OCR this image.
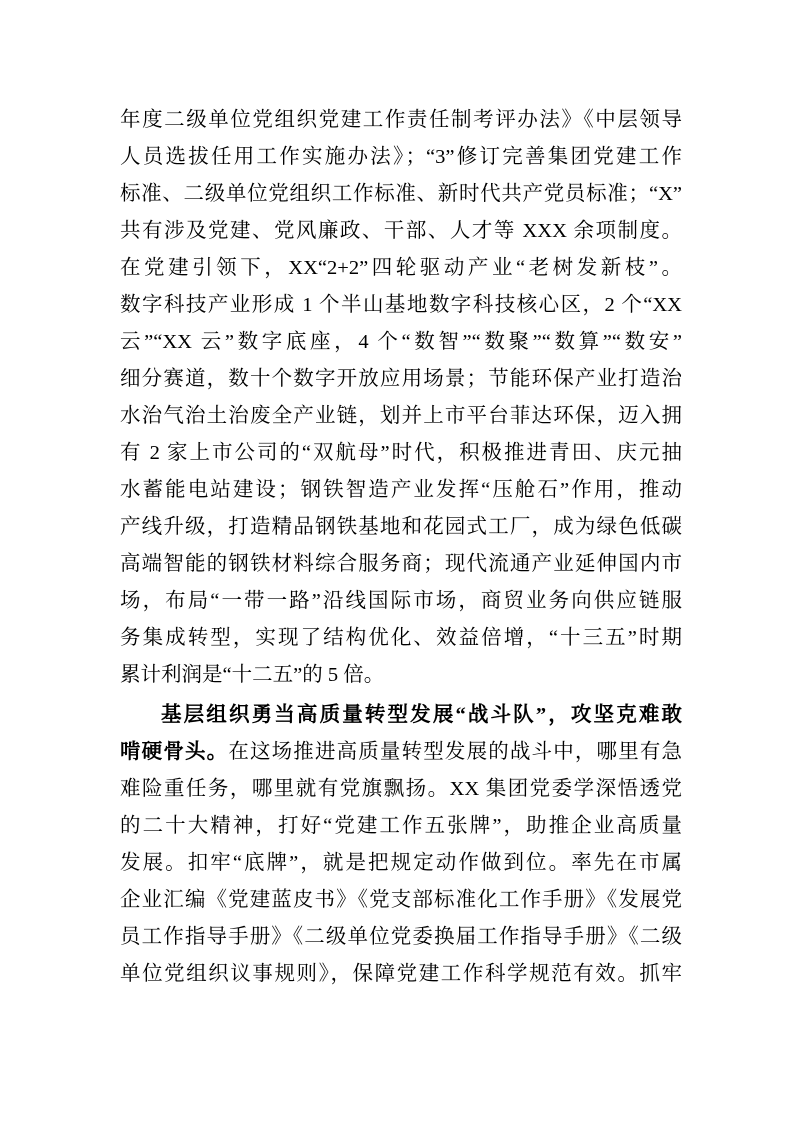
年度二级单位党组织党建工作责任制考评办法》《中层领导
人员选拔任用工作实施办法》；“3”修订完善集团党建工作
标准、二级单位党组织工作标准、新时代共产党员标准；“X”
共有涉及党建、党风廉政、干部、人才等 XXX 余项制度。
在党建引领下，XX“2+2”四轮驱动产业“老树发新枝”。
数字科技产业形成 1 个半山基地数字科技核心区，2 个“XX
云”“XX 云”数字底座，4 个“数智”“数聚”“数算”“数安”
细分赛道，数十个数字开放应用场景；节能环保产业打造治
水治气治土治废全产业链，划并上市平台菲达环保，迈入拥
有 2 家上市公司的“双航母”时代，积极推进青田、庆元抽
水蓄能电站建设；钢铁智造产业发挥“压舱石”作用，推动
产线升级，打造精品钢铁基地和花园式工厂，成为绿色低碳
高端智能的钢铁材料综合服务商；现代流通产业延伸国内市
场，布局“一带一路”沿线国际市场，商贸业务向供应链服
务集成转型，实现了结构优化、效益倍增，“十三五”时期
累计利润是“十二五”的 5 倍。
基层组织勇当高质量转型发展“战斗队”，攻坚克难敢
啃硬骨头。在这场推进高质量转型发展的战斗中，哪里有急
难险重任务，哪里就有党旗飘扬。XX 集团党委学深悟透党
的二十大精神，打好“党建工作五张牌”，助推企业高质量
发展。扣牢“底牌”，就是把规定动作做到位。率先在市属
企业汇编《党建蓝皮书》《党支部标准化工作手册》《发展党
员工作指导手册》《二级单位党委换届工作指导手册》《二级
单位党组织议事规则》，保障党建工作科学规范有效。抓牢
